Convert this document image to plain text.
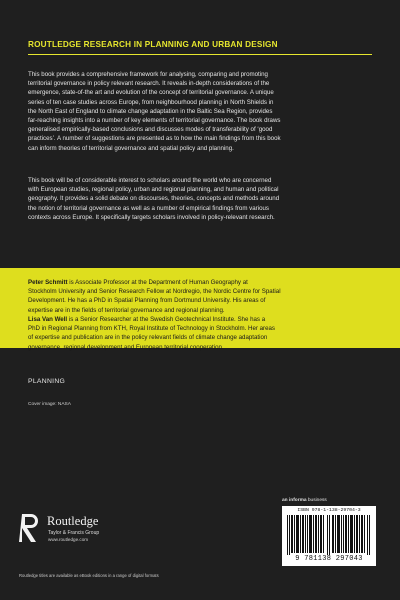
ROUTLEDGE RESEARCH IN PLANNING AND URBAN DESIGN

This book provides a comprehensive framework for analysing, comparing and promoting
territorial governance in policy relevant research. It reveals in-depth considerations of the
emergence, state-of-the art and evolution of the concept of territorial governance. A unique
series of ten case studies across Europe, from neighbourhood planning in North Shields in
the North East of England to climate change adaptation in the Baltic Sea Region, provides
far-reaching insights into a number of key elements of territorial governance. The book draws
generalised empirically-based conclusions and discusses modes of transferability of ‘good
practices’. A number of suggestions are presented as to how the main findings from this book
can inform theories of territorial governance and spatial policy and planning.

This book will be of considerable interest to scholars around the world who are concerned
with European studies, regional policy, urban and regional planning, and human and political
geography. It provides a solid debate on discourses, theories, concepts and methods around
the notion of territorial governance as well as a number of empirical findings from various
contexts across Europe. It specifically targets scholars involved in policy-relevant research.

Peter Schmitt is Associate Professor at the Department of Human Geography at
Stockholm University and Senior Research Fellow at Nordregio, the Nordic Centre for Spatial
Development. He has a PhD in Spatial Planning from Dortmund University. His areas of
expertise are in the fields of territorial governance and regional planning.

Lisa Van Well is a Senior Researcher at the Swedish Geotechnical Institute. She has a
PhD in Regional Planning from KTH, Royal Institute of Technology in Stockholm. Her areas
of expertise and publication are in the policy relevant fields of climate change adaptation
governance, regional development and European territorial cooperation.

PLANNING
Cover image: NASA
Routledge
Taylor & Francis Group
www.routledge.com
Routledge titles are available as eBook editions in a range of digital formats
an informa business
ISBN 978-1-138-29704-3
9 781138 297043
